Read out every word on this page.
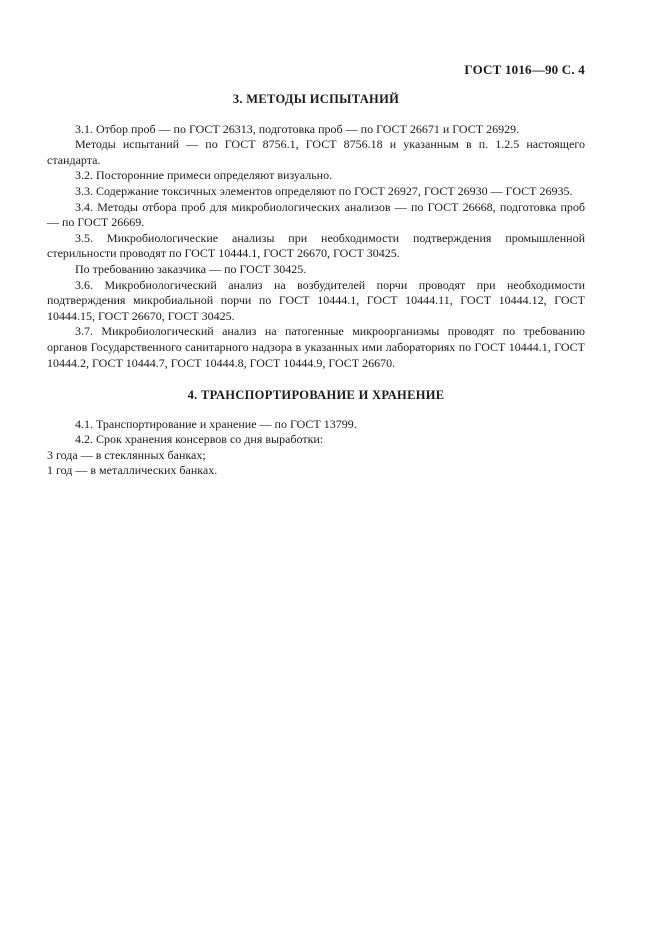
ГОСТ 1016—90 С. 4
3. МЕТОДЫ ИСПЫТАНИЙ

3.1. Отбор проб — по ГОСТ 26313, подготовка проб — по ГОСТ 26671 и ГОСТ 26929.

Методы испытаний — по ГОСТ 8756.1, ГОСТ 8756.18 и указанным в п. 1.2.5 настоящего стандарта.

3.2. Посторонние примеси определяют визуально.

3.3. Содержание токсичных элементов определяют по ГОСТ 26927, ГОСТ 26930 — ГОСТ 26935.

3.4. Методы отбора проб для микробиологических анализов — по ГОСТ 26668, подготовка проб — по ГОСТ 26669.

3.5. Микробиологические анализы при необходимости подтверждения промышленной стерильности проводят по ГОСТ 10444.1, ГОСТ 26670, ГОСТ 30425.

По требованию заказчика — по ГОСТ 30425.

3.6. Микробиологический анализ на возбудителей порчи проводят при необходимости подтверждения микробиальной порчи по ГОСТ 10444.1, ГОСТ 10444.11, ГОСТ 10444.12, ГОСТ 10444.15, ГОСТ 26670, ГОСТ 30425.

3.7. Микробиологический анализ на патогенные микроорганизмы проводят по требованию органов Государственного санитарного надзора в указанных ими лабораториях по ГОСТ 10444.1, ГОСТ 10444.2, ГОСТ 10444.7, ГОСТ 10444.8, ГОСТ 10444.9, ГОСТ 26670.

4. ТРАНСПОРТИРОВАНИЕ И ХРАНЕНИЕ

4.1. Транспортирование и хранение — по ГОСТ 13799.

4.2. Срок хранения консервов со дня выработки:

3 года — в стеклянных банках;

1 год — в металлических банках.
